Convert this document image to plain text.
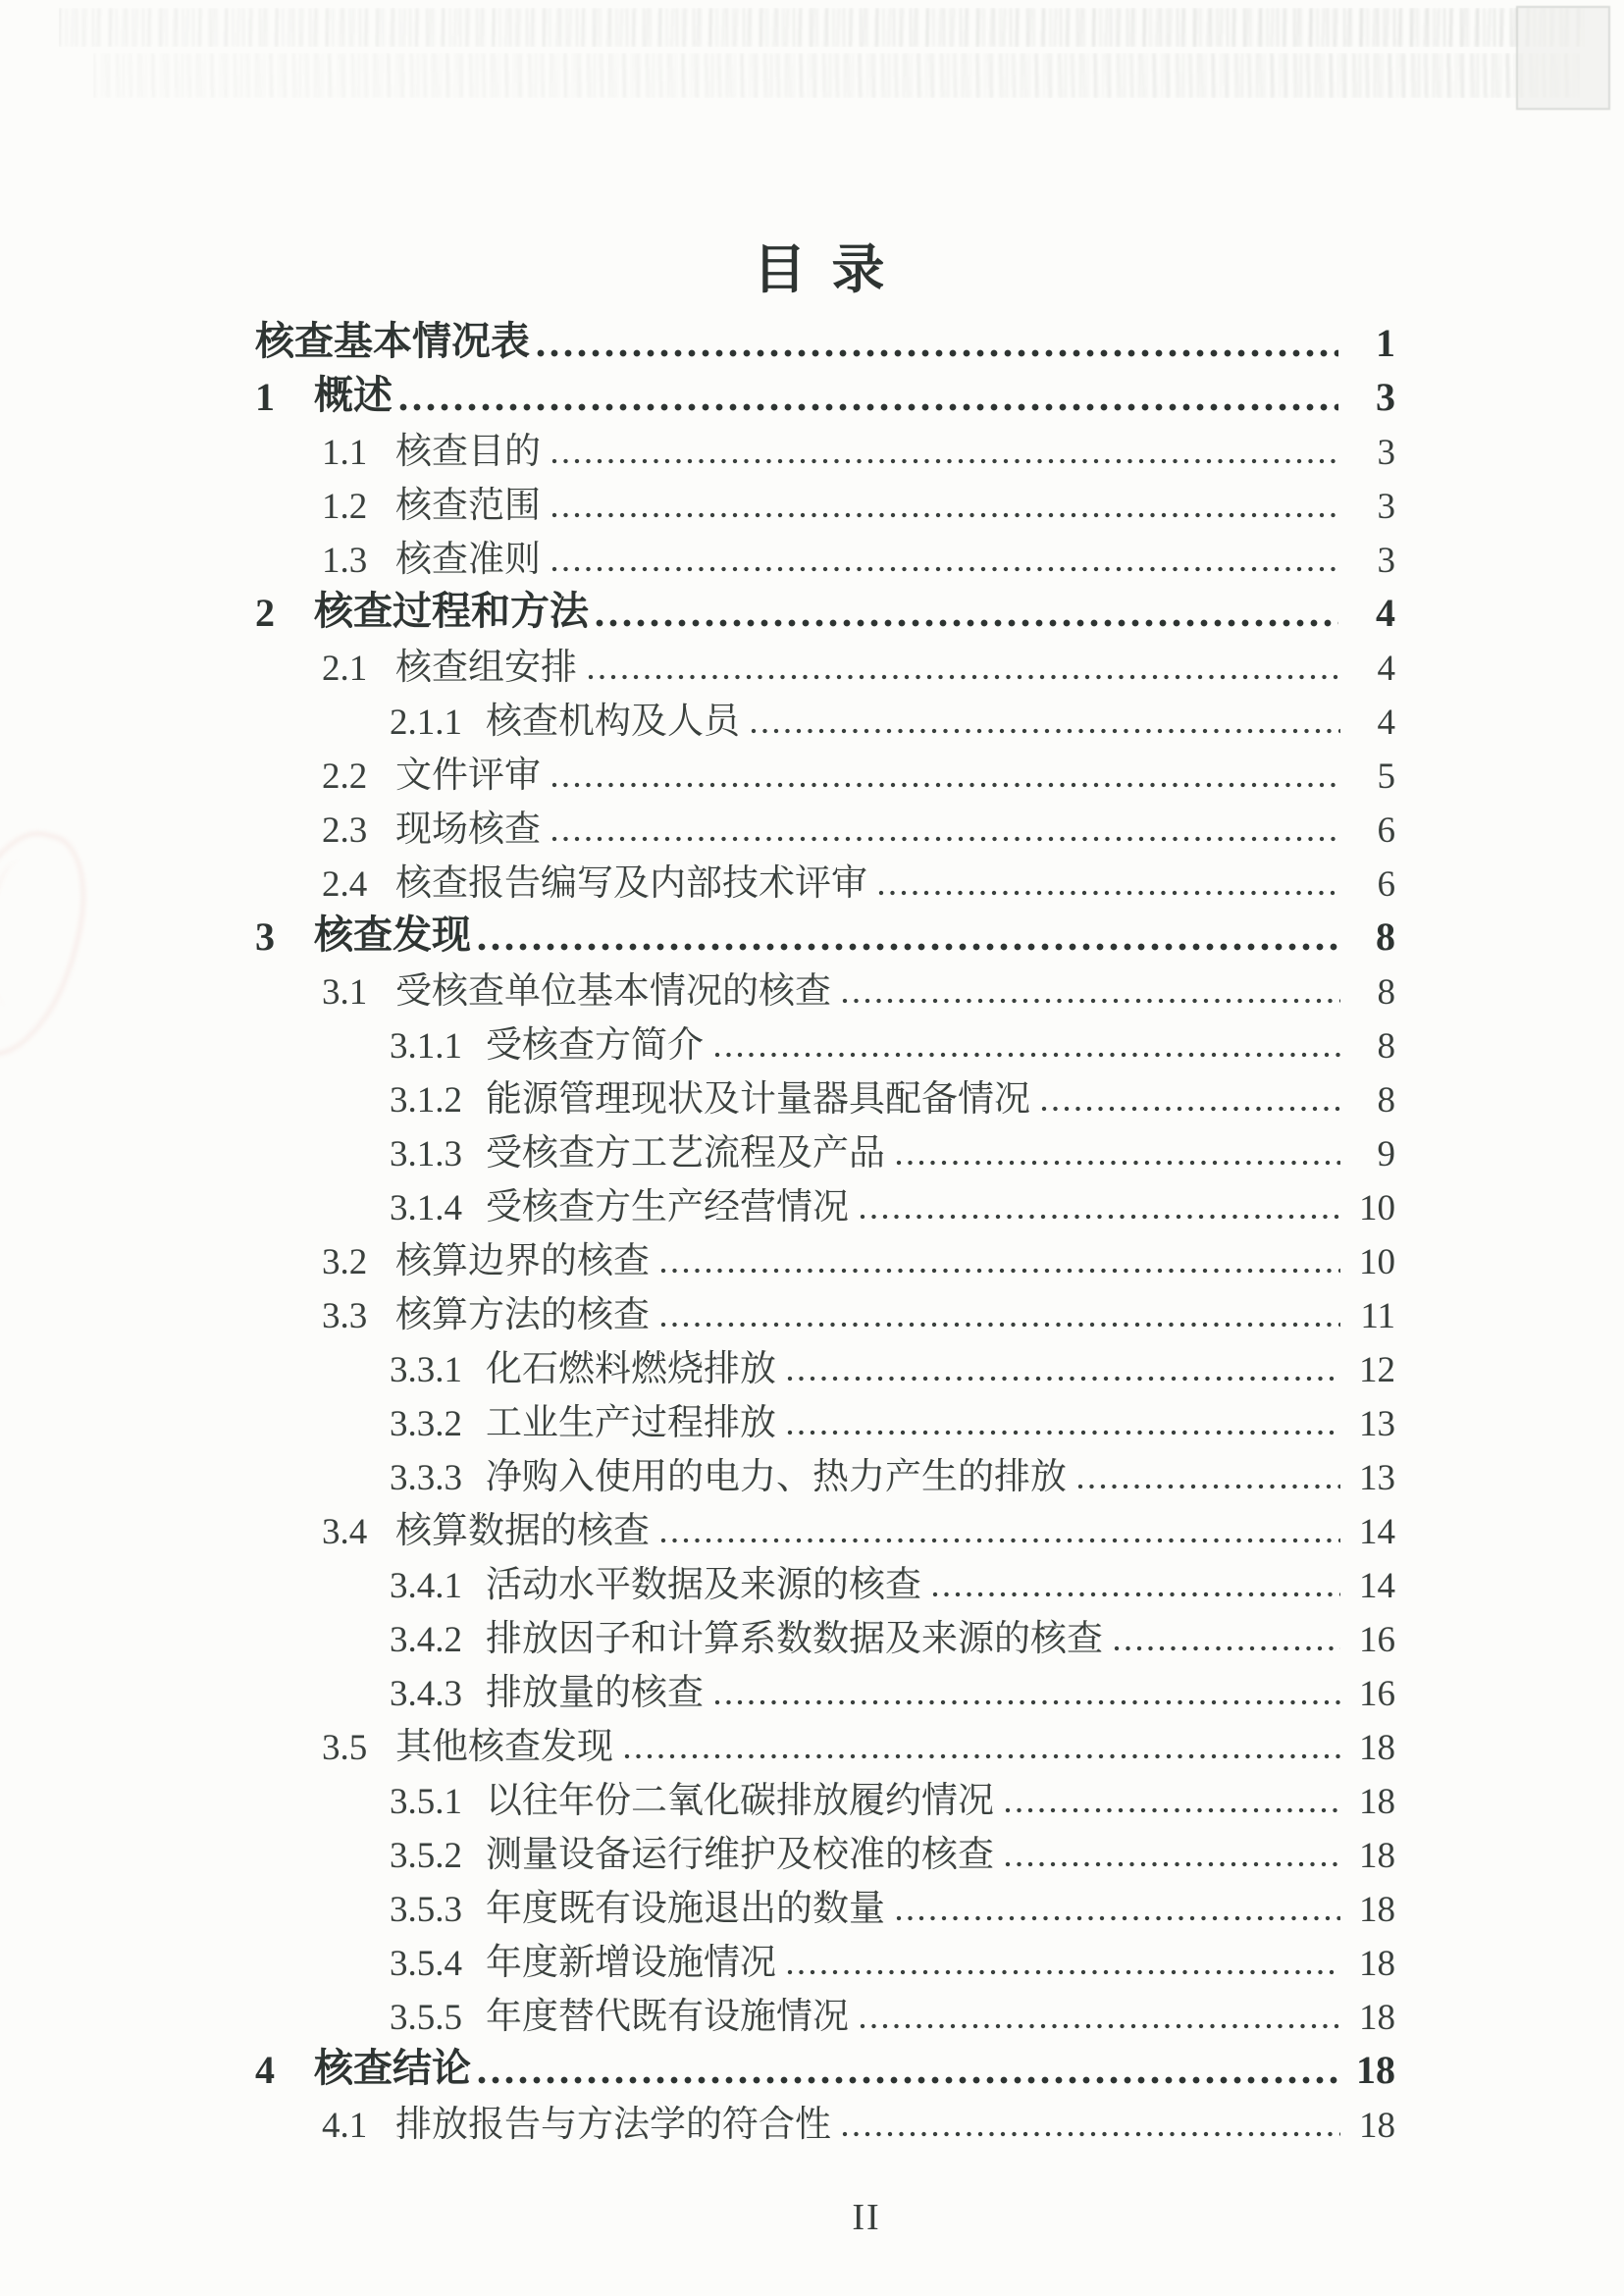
目录
核查基本情况表	1
1	概述	3
1.1 核查目的	3
1.2 核查范围	3
1.3 核查准则	3
2	核查过程和方法	4
2.1 核查组安排	4
2.1.1 核查机构及人员	4
2.2 文件评审	5
2.3 现场核查	6
2.4 核查报告编写及内部技术评审	6
3	核查发现	8
3.1 受核查单位基本情况的核查	8
3.1.1 受核查方简介	8
3.1.2 能源管理现状及计量器具配备情况	8
3.1.3 受核查方工艺流程及产品	9
3.1.4 受核查方生产经营情况	10
3.2 核算边界的核查	10
3.3 核算方法的核查	11
3.3.1 化石燃料燃烧排放	12
3.3.2 工业生产过程排放	13
3.3.3 净购入使用的电力、热力产生的排放	13
3.4 核算数据的核查	14
3.4.1 活动水平数据及来源的核查	14
3.4.2 排放因子和计算系数数据及来源的核查	16
3.4.3 排放量的核查	16
3.5 其他核查发现	18
3.5.1 以往年份二氧化碳排放履约情况	18
3.5.2 测量设备运行维护及校准的核查	18
3.5.3 年度既有设施退出的数量	18
3.5.4 年度新增设施情况	18
3.5.5 年度替代既有设施情况	18
4	核查结论	18
4.1 排放报告与方法学的符合性	18
II
